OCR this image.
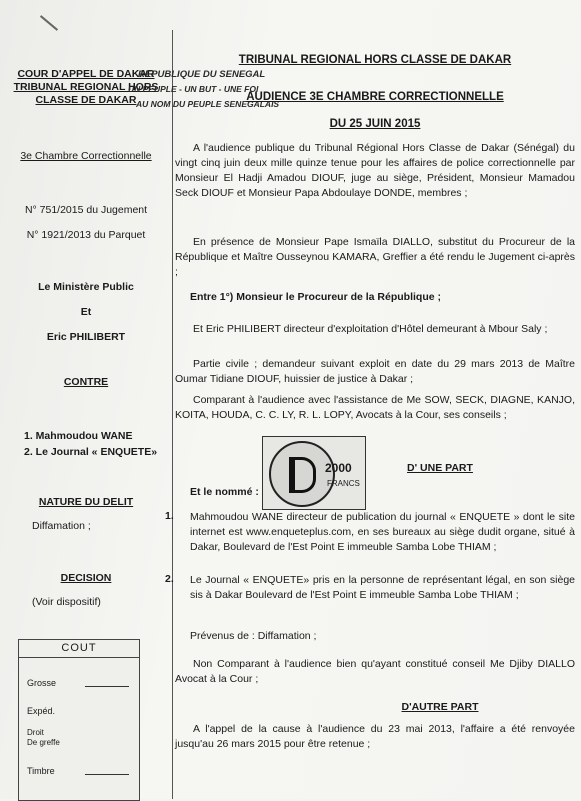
COUR D'APPEL DE DAKAR
TRIBUNAL REGIONAL HORS
CLASSE DE DAKAR
3e Chambre Correctionnelle
N° 751/2015 du Jugement
N° 1921/2013 du Parquet
Le Ministère Public
Et
Eric PHILIBERT
CONTRE
1. Mahmoudou WANE
2. Le Journal « ENQUETE»
NATURE DU DELIT
Diffamation ;
DECISION
(Voir dispositif)
REPUBLIQUE DU SENEGAL
UN PEUPLE - UN BUT - UNE FOI
AU NOM DU PEUPLE SENEGALAIS
COUT
Grosse
Expéd.
Droit
De greffe
Timbre
TRIBUNAL REGIONAL HORS CLASSE DE DAKAR
AUDIENCE 3E CHAMBRE CORRECTIONNELLE
DU 25 JUIN 2015
A l'audience publique du Tribunal Régional Hors Classe de Dakar (Sénégal) du vingt cinq juin deux mille quinze tenue pour les affaires de police correctionnelle par Monsieur El Hadji Amadou DIOUF, juge au siège, Président, Monsieur Mamadou Seck DIOUF et Monsieur Papa Abdoulaye DONDE, membres ;
En présence de Monsieur Pape Ismaïla DIALLO, substitut du Procureur de la République et Maître Ousseynou KAMARA, Greffier a été rendu le Jugement ci-après ;
Entre 1°) Monsieur le Procureur de la République ;
Et Eric PHILIBERT directeur d'exploitation d'Hôtel demeurant à Mbour Saly ;
Partie civile ; demandeur suivant exploit en date du 29 mars 2013 de Maître Oumar Tidiane DIOUF, huissier de justice à Dakar ;
Comparant à l'audience avec l'assistance de Me SOW, SECK, DIAGNE, KANJO, KOITA, HOUDA, C. C. LY, R. L. LOPY, Avocats à la Cour, ses conseils ;
2000
FRANCS
D' UNE PART
Et le nommé :
1. Mahmoudou WANE directeur de publication du journal « ENQUETE » dont le site internet est www.enqueteplus.com, en ses bureaux au siège dudit organe, situé à Dakar, Boulevard de l'Est Point E immeuble Samba Lobe THIAM ;
2. Le Journal « ENQUETE» pris en la personne de représentant légal, en son siège sis à Dakar Boulevard de l'Est Point E immeuble Samba Lobe THIAM ;
Prévenus de : Diffamation ;
Non Comparant à l'audience bien qu'ayant constitué conseil Me Djiby DIALLO Avocat à la Cour ;
D'AUTRE PART
A l'appel de la cause à l'audience du 23 mai 2013, l'affaire a été renvoyée jusqu'au 26 mars 2015 pour être retenue ;
